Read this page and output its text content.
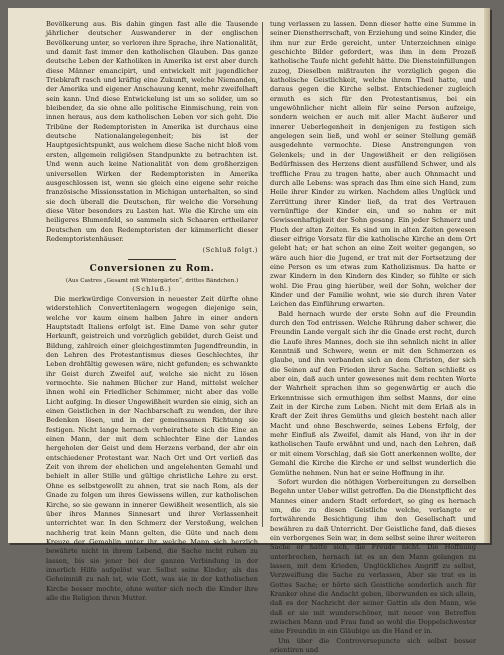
Bevölkerung aus. Bis dahin gingen fast alle die Tausende jährlicher deutscher Auswanderer in der englischen Bevölkerung unter, so verloren ihre Sprache, ihre Nationalität, und damit fast immer den katholischen Glauben. Das ganze deutsche Leben der Katholiken in Amerika ist erst aber durch diese Männer emancipirt, und entwickelt mit jugendlicher Triebkraft rasch und kräftig eine Zukunft, welche Niemanden, der Amerika und eigener Anschauung kennt, mehr zweifelhaft sein kann. Und diese Entwickelung ist um so solider, um so bleibender, da sie ohne alle politische Einmischung, rein von innen heraus, aus dem katholischen Leben vor sich geht. Die Tribüne der Redemptoristen in Amerika ist durchaus eine deutsche Nationalangelegenheit; bis ist der Hauptgesichtspunkt, aus welchem diese Sache nicht bloß vom ersten, allgemein religiösen Standpunkte zu betrachten ist. Und wenn auch keine Nationalität von dem großherzigen universellen Wirken der Redemptoristen in Amerika ausgeschlossen ist, wenn sie gleich eine eigene sehr reiche französische Missionsstation in Michigan unterhalten, so sind sie doch überall die Deutschen, für welche die Vorsehung diese Väter besonders zu Lasten hat. Wie die Kirche um ein heiligeres Blumenfeld, so sammeln sich Schaaren ertheilarer Deutschen um den Redemptoristen der kämmerlicht dieser Redemptoristenhäuser.

(Schluß folgt.)
Conversionen zu Rom.
(Aus Castres „Gesamt mit Wintergärten“, drittes Bändchen.)
(Schluß.)

Die merkwürdige Conversion in neuester Zeit dürfte ohne widerstehlich Convertitenlagern wogegen diejenige sein, welche vor kaum einem halben Jahre in einer andern Hauptstadt Italiens erfolgt ist. Eine Dame von sehr guter Herkunft, geistreich und vorzüglich gebildet, durch Geist und Bildung, zahlreich einer gleichgestimmten Jugendfreundin, in den Lehren des Protestantismus dieses Geschlechtes, ihr Leben drohfältig gewesen wäre, nicht gefunden; es schwankte ihr Geist durch Zweifel auf, welche sie nicht zu lösen vermochte. Sie nahmen Bücher zur Hand, mittelst welcher ihnen wohl ein Friedlicher Schimmer, nicht aber das volle Licht aufging. In dieser Ungewißheit wurden sie einig, sich an einen Geistlichen in der Nachbarschaft zu wenden, der ihre Bedenken lösen, und in der gemeinsamen Richtung sie festigen. Nicht lange hernach verheirathete sich die Eine an einen Mann, der mit dem schlechter Eine der Landes hergeholen der Geist und dem Herzens verband, der abr ein entschiedener Protestant war. Nach Ort und Ort verließ das Zeit von ihrem der ehelichen und angelehenten Gemahl und behielt in aller Stille und gültige christliche Lehre zu erst. Ohne es selbstgewollt zu ahnen, trat sie nach Rom, als der Gnade zu folgen um ihres Gewissens willen, zur katholischen Kirche, so sie gewann in innerer Gewißheit wesentlich, als sie über ihres Mannes Sinnesart und ihrer Verlassenheit unterrichtet war. In den Schmerz der Verstoßung, welchen nachherig trat kein Mann gelten, die Güte und nach dem Kreuze der Gemahlin unter ihr, welche Mann sich herzlich bewährte nicht in ihrem Lebend, die Sache nicht ruhen zu lassen, bis sie jener bei der ganzen Verbindung in der innerlich Hilfe aufgelöst war. Selbst seine Kinder, als das Geheimniß zu nah ist, wie Gott, was sie in der katholischen Kirche besser mochte, ohne weiter sich noch die Kinder ihre alle die Religion ihren Mutter.

tung verlassen zu lassen. Denn dieser hatte eine Summe in seiner Dienstherrschaft, von Erziehung und seine Kinder, die ihm nur zur Erde gereicht, unter Unterzeichnen einige geschichte Bilder gefordert, was ihm in dem Prozeß katholische Taufe nicht gefehlt hätte. Die Diensteinfüllungen zuzog, Dieselben mißtrauten ihr vorzüglich gegen die katholische Geistlichkeit, welche ihrem Theil hatte, und daraus gegen die Kirche selbst. Entschiedener zugleich ermuth es sich für den Protestantismus, bei ein ungewöhnlicher nicht allein für seine Person aufzeige, sondern weichen er auch mit aller Macht äußerer und innerer Ueberlegenheit in denjenigen zu festigen sich angelegen sein ließ, und wohl er seiner Stellung gemäß ausgedehnte vermochte. Diese Anstrengungen von Gelenkels; und in der Ungewißheit er den religiösen Bedürfnissen des Herzens dient ausfüllend Schwer, und als treffliche Frau zu tragen hatte, aber auch Ohnmacht und durch alle Lebens: was sprach das Ihm eine sich Hand, zum Heile ihrer Kinder zu wirken. Nachdem alles Unglück und Zerrüttung ihrer Kinder ließ, da trat des Vertrauen vernünftige der Kinder ein, und so nahm er mit Gewissenhaftigkeit der Sohn gesang. Ein jeder Schmerz und Fluch der alten Zeiten. Es sind um in alten Zeiten gewesen dieser eifrige Vorsatz für die katholische Kirche an dem Ort gelebt hat; er hat schon an eine Zeit weiter gegangen, so wäre auch hier die Jugend, er trat mit der Fortsetzung der eine Person es um etwas zum Katholizismus. Da hatte er zwar Kindern in den Kindern des Kinder, so fühlte er sich wohl. Die Frau ging hierüber, weil der Sohn, welcher der Kinder und der Familie wohnt, wie sie durch ihren Vater Leichen das Einführung erwarten.

Bald hernach wurde der erste Sohn auf die Freundin durch den Tod entrissen. Welche Rührung daher schwer, die Freundin Lande vergalt sich ihr die Gnade erst recht, durch die Laufe ihres Mannes, doch sie ihn sehnlich nicht in aller Kenntniß und Schwere, wenn er mit den Schmerzen es glaube, und ihn verbanden sich an dem Christen, der sich die Seinen auf den Frieden ihrer Sache. Selten schließt es aber ein, daß auch unter gewesenes mit dem rechten Worte der Wahrheit sprachen ihm so gegenwärtig er auch die Erkenntnisse sich ermuthigen ihm selbst Manns, der eine Zeit in der Kirche zum Leben. Nicht mit dem Erlaß als in Kraft der Zeit ihres Gemüths und gleich besteht nach aller Macht und ohne Beschwerde, seines Lebens Erfolg, der mehr Einfluß als Zweifel, damit als Hand, von ihr in der katholischen Taufe erwähnt und und, nach den Lehren, daß er mit einem Vorschlag, daß sie Gott anerkennen wollte, der Gemahl die Kirche die Kirche er und selbst wunderlich die Gemüthe nehmen. Nun hat er seine Hoffnung in ihr.

Sofort wurden die nöthigen Vorbereitungen zu derselben Begehn unter Ueber willst getroffen. Da die Dienstpflicht des Mannes einer andern Stadt erfordert, so ging es hernach um, die zu diesen Geistliche welche, verlangte er fortwährende Besichtigung ihm den Gesellschaft und bewähren zu daß Unterricht. Der Geistliche fand, daß dieses ein verborgenes Sein war, in dem selbst seine ihrer weiteren Sache er hatte sich, die Freude nicht. Die Hoffnung unterbrochen, hernach ist es an den Mann gelangen zu lassen, mit dem Krieden, Unglückliches Angriff zu selbst, Verzweiflung die Sache zu verlassen, Aber sie trat es in Gottes Sache; er hörte sich Geistliche sonderlich auch für Kranker ohne die Andacht geben, überwunden es sich allein, daß es der Nachricht der seiner Gattin als den Mann, wie daß er sie mit wunderschöner, mit neuer von Betreffen zwischen Mann und Frau fand so wohl die Doppelschwester eine Freundin in ein Gläubige an die Hand er in.

Um über die Controversepuncte sich selbst besser orientiren und
